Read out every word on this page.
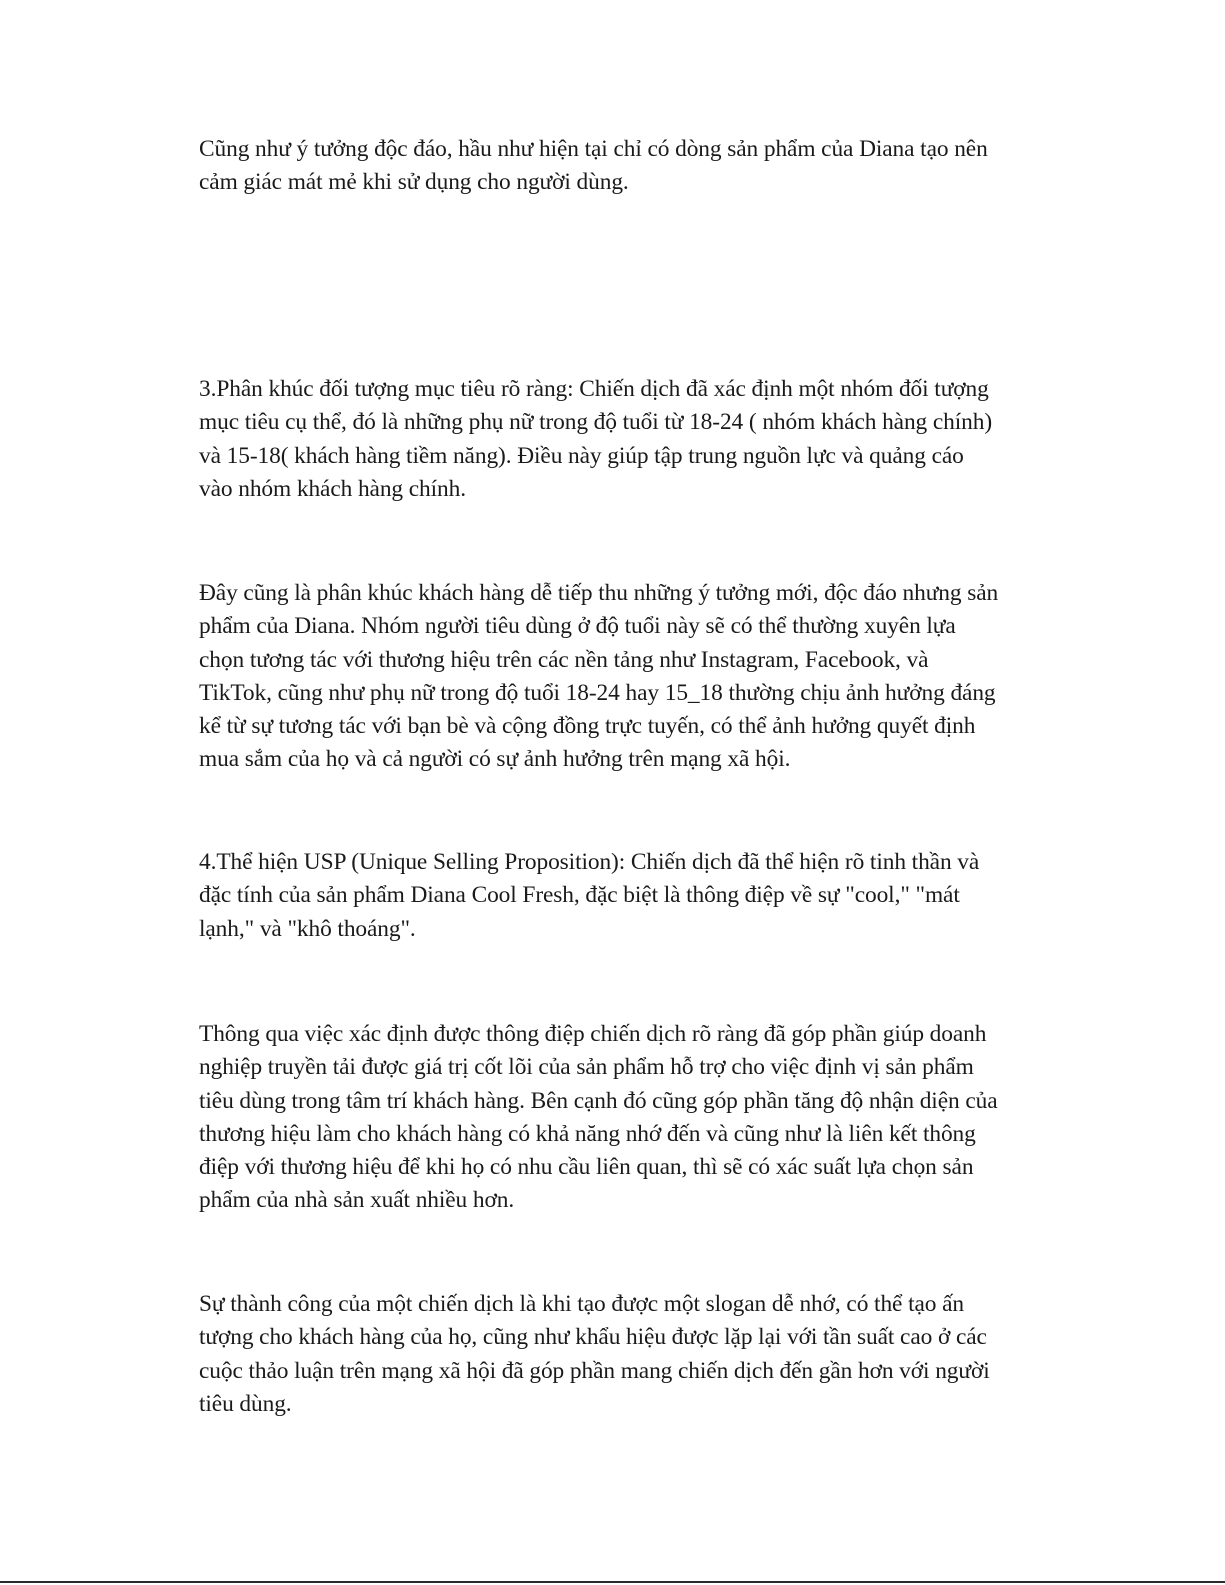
Cũng như ý tưởng độc đáo, hầu như hiện tại chỉ có dòng sản phẩm của Diana tạo nên
cảm giác mát mẻ khi sử dụng cho người dùng.

3.Phân khúc đối tượng mục tiêu rõ ràng: Chiến dịch đã xác định một nhóm đối tượng
mục tiêu cụ thể, đó là những phụ nữ trong độ tuổi từ 18-24 ( nhóm khách hàng chính)
và 15-18( khách hàng tiềm năng). Điều này giúp tập trung nguồn lực và quảng cáo
vào nhóm khách hàng chính.

Đây cũng là phân khúc khách hàng dễ tiếp thu những ý tưởng mới, độc đáo nhưng sản
phẩm của Diana. Nhóm người tiêu dùng ở độ tuổi này sẽ có thể thường xuyên lựa
chọn tương tác với thương hiệu trên các nền tảng như Instagram, Facebook, và
TikTok, cũng như phụ nữ trong độ tuổi 18-24 hay 15_18 thường chịu ảnh hưởng đáng
kể từ sự tương tác với bạn bè và cộng đồng trực tuyến, có thể ảnh hưởng quyết định
mua sắm của họ và cả người có sự ảnh hưởng trên mạng xã hội.

4.Thể hiện USP (Unique Selling Proposition): Chiến dịch đã thể hiện rõ tinh thần và
đặc tính của sản phẩm Diana Cool Fresh, đặc biệt là thông điệp về sự "cool," "mát
lạnh," và "khô thoáng".

Thông qua việc xác định được thông điệp chiến dịch rõ ràng đã góp phần giúp doanh
nghiệp truyền tải được giá trị cốt lõi của sản phẩm hỗ trợ cho việc định vị sản phẩm
tiêu dùng trong tâm trí khách hàng. Bên cạnh đó cũng góp phần tăng độ nhận diện của
thương hiệu làm cho khách hàng có khả năng nhớ đến và cũng như là liên kết thông
điệp với thương hiệu để khi họ có nhu cầu liên quan, thì sẽ có xác suất lựa chọn sản
phẩm của nhà sản xuất nhiều hơn.

Sự thành công của một chiến dịch là khi tạo được một slogan dễ nhớ, có thể tạo ấn
tượng cho khách hàng của họ, cũng như khẩu hiệu được lặp lại với tần suất cao ở các
cuộc thảo luận trên mạng xã hội đã góp phần mang chiến dịch đến gần hơn với người
tiêu dùng.
